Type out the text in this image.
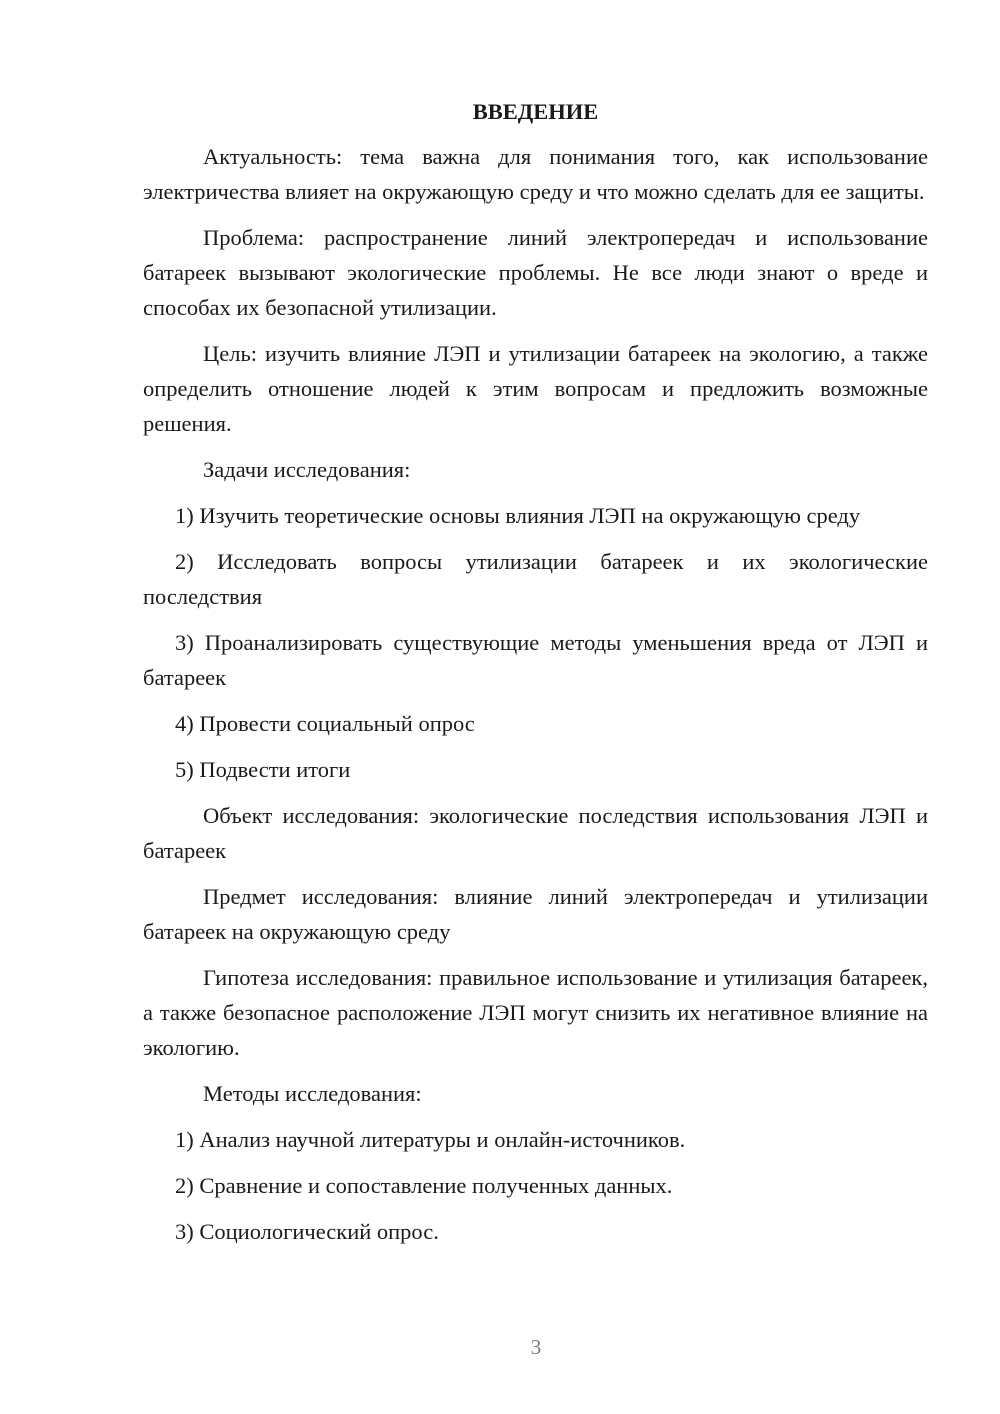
ВВЕДЕНИЕ

Актуальность: тема важна для понимания того, как использование электричества влияет на окружающую среду и что можно сделать для ее защиты.

Проблема: распространение линий электропередач и использование батареек вызывают экологические проблемы. Не все люди знают о вреде и способах их безопасной утилизации.

Цель: изучить влияние ЛЭП и утилизации батареек на экологию, а также определить отношение людей к этим вопросам и предложить возможные решения.

Задачи исследования:

1) Изучить теоретические основы влияния ЛЭП на окружающую среду

2) Исследовать вопросы утилизации батареек и их экологические последствия

3) Проанализировать существующие методы уменьшения вреда от ЛЭП и батареек

4) Провести социальный опрос

5) Подвести итоги

Объект исследования: экологические последствия использования ЛЭП и батареек

Предмет исследования: влияние линий электропередач и утилизации батареек на окружающую среду

Гипотеза исследования: правильное использование и утилизация батареек, а также безопасное расположение ЛЭП могут снизить их негативное влияние на экологию.

Методы исследования:

1) Анализ научной литературы и онлайн-источников.

2) Сравнение и сопоставление полученных данных.

3) Социологический опрос.

3
